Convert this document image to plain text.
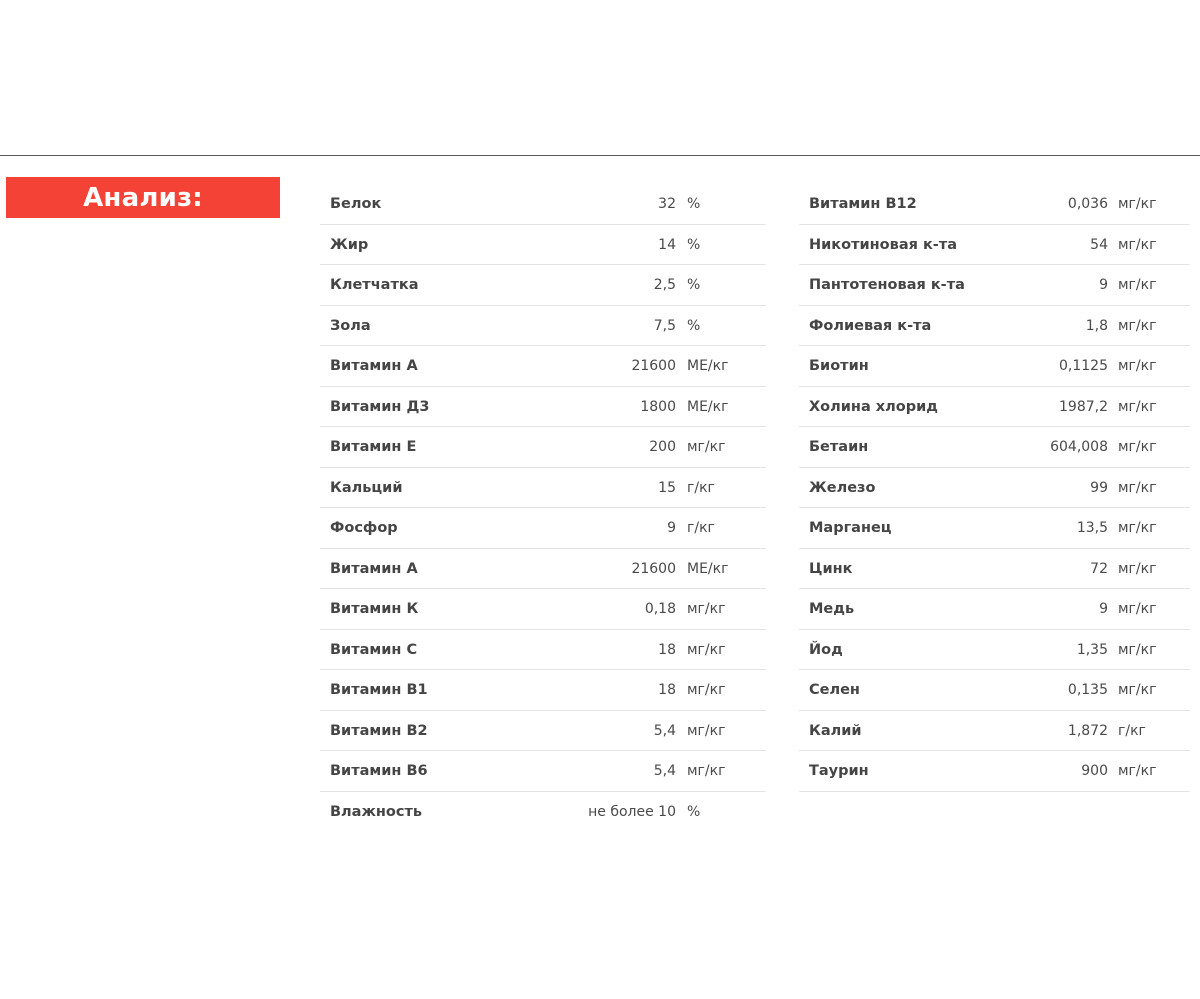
Анализ:	Белок	32 %
Жир	14 %
Клетчатка	2,5 %
Зола	7,5 %
Витамин А	21600 МЕ/кг
Витамин Д3	1800 МЕ/кг
Витамин Е	200 мг/кг
Кальций	15 г/кг
Фосфор	9 г/кг
Витамин А	21600 МЕ/кг
Витамин К	0,18 мг/кг
Витамин С	18 мг/кг
Витамин В1	18 мг/кг
Витамин В2	5,4 мг/кг
Витамин В6	5,4 мг/кг
Влажность	не более 10 %
Витамин В12	0,036 мг/кг
Никотиновая к-та	54 мг/кг
Пантотеновая к-та	9 мг/кг
Фолиевая к-та	1,8 мг/кг
Биотин	0,1125 мг/кг
Холина хлорид	1987,2 мг/кг
Бетаин	604,008 мг/кг
Железо	99 мг/кг
Марганец	13,5 мг/кг
Цинк	72 мг/кг
Медь	9 мг/кг
Йод	1,35 мг/кг
Селен	0,135 мг/кг
Калий	1,872 г/кг
Таурин	900 мг/кг
